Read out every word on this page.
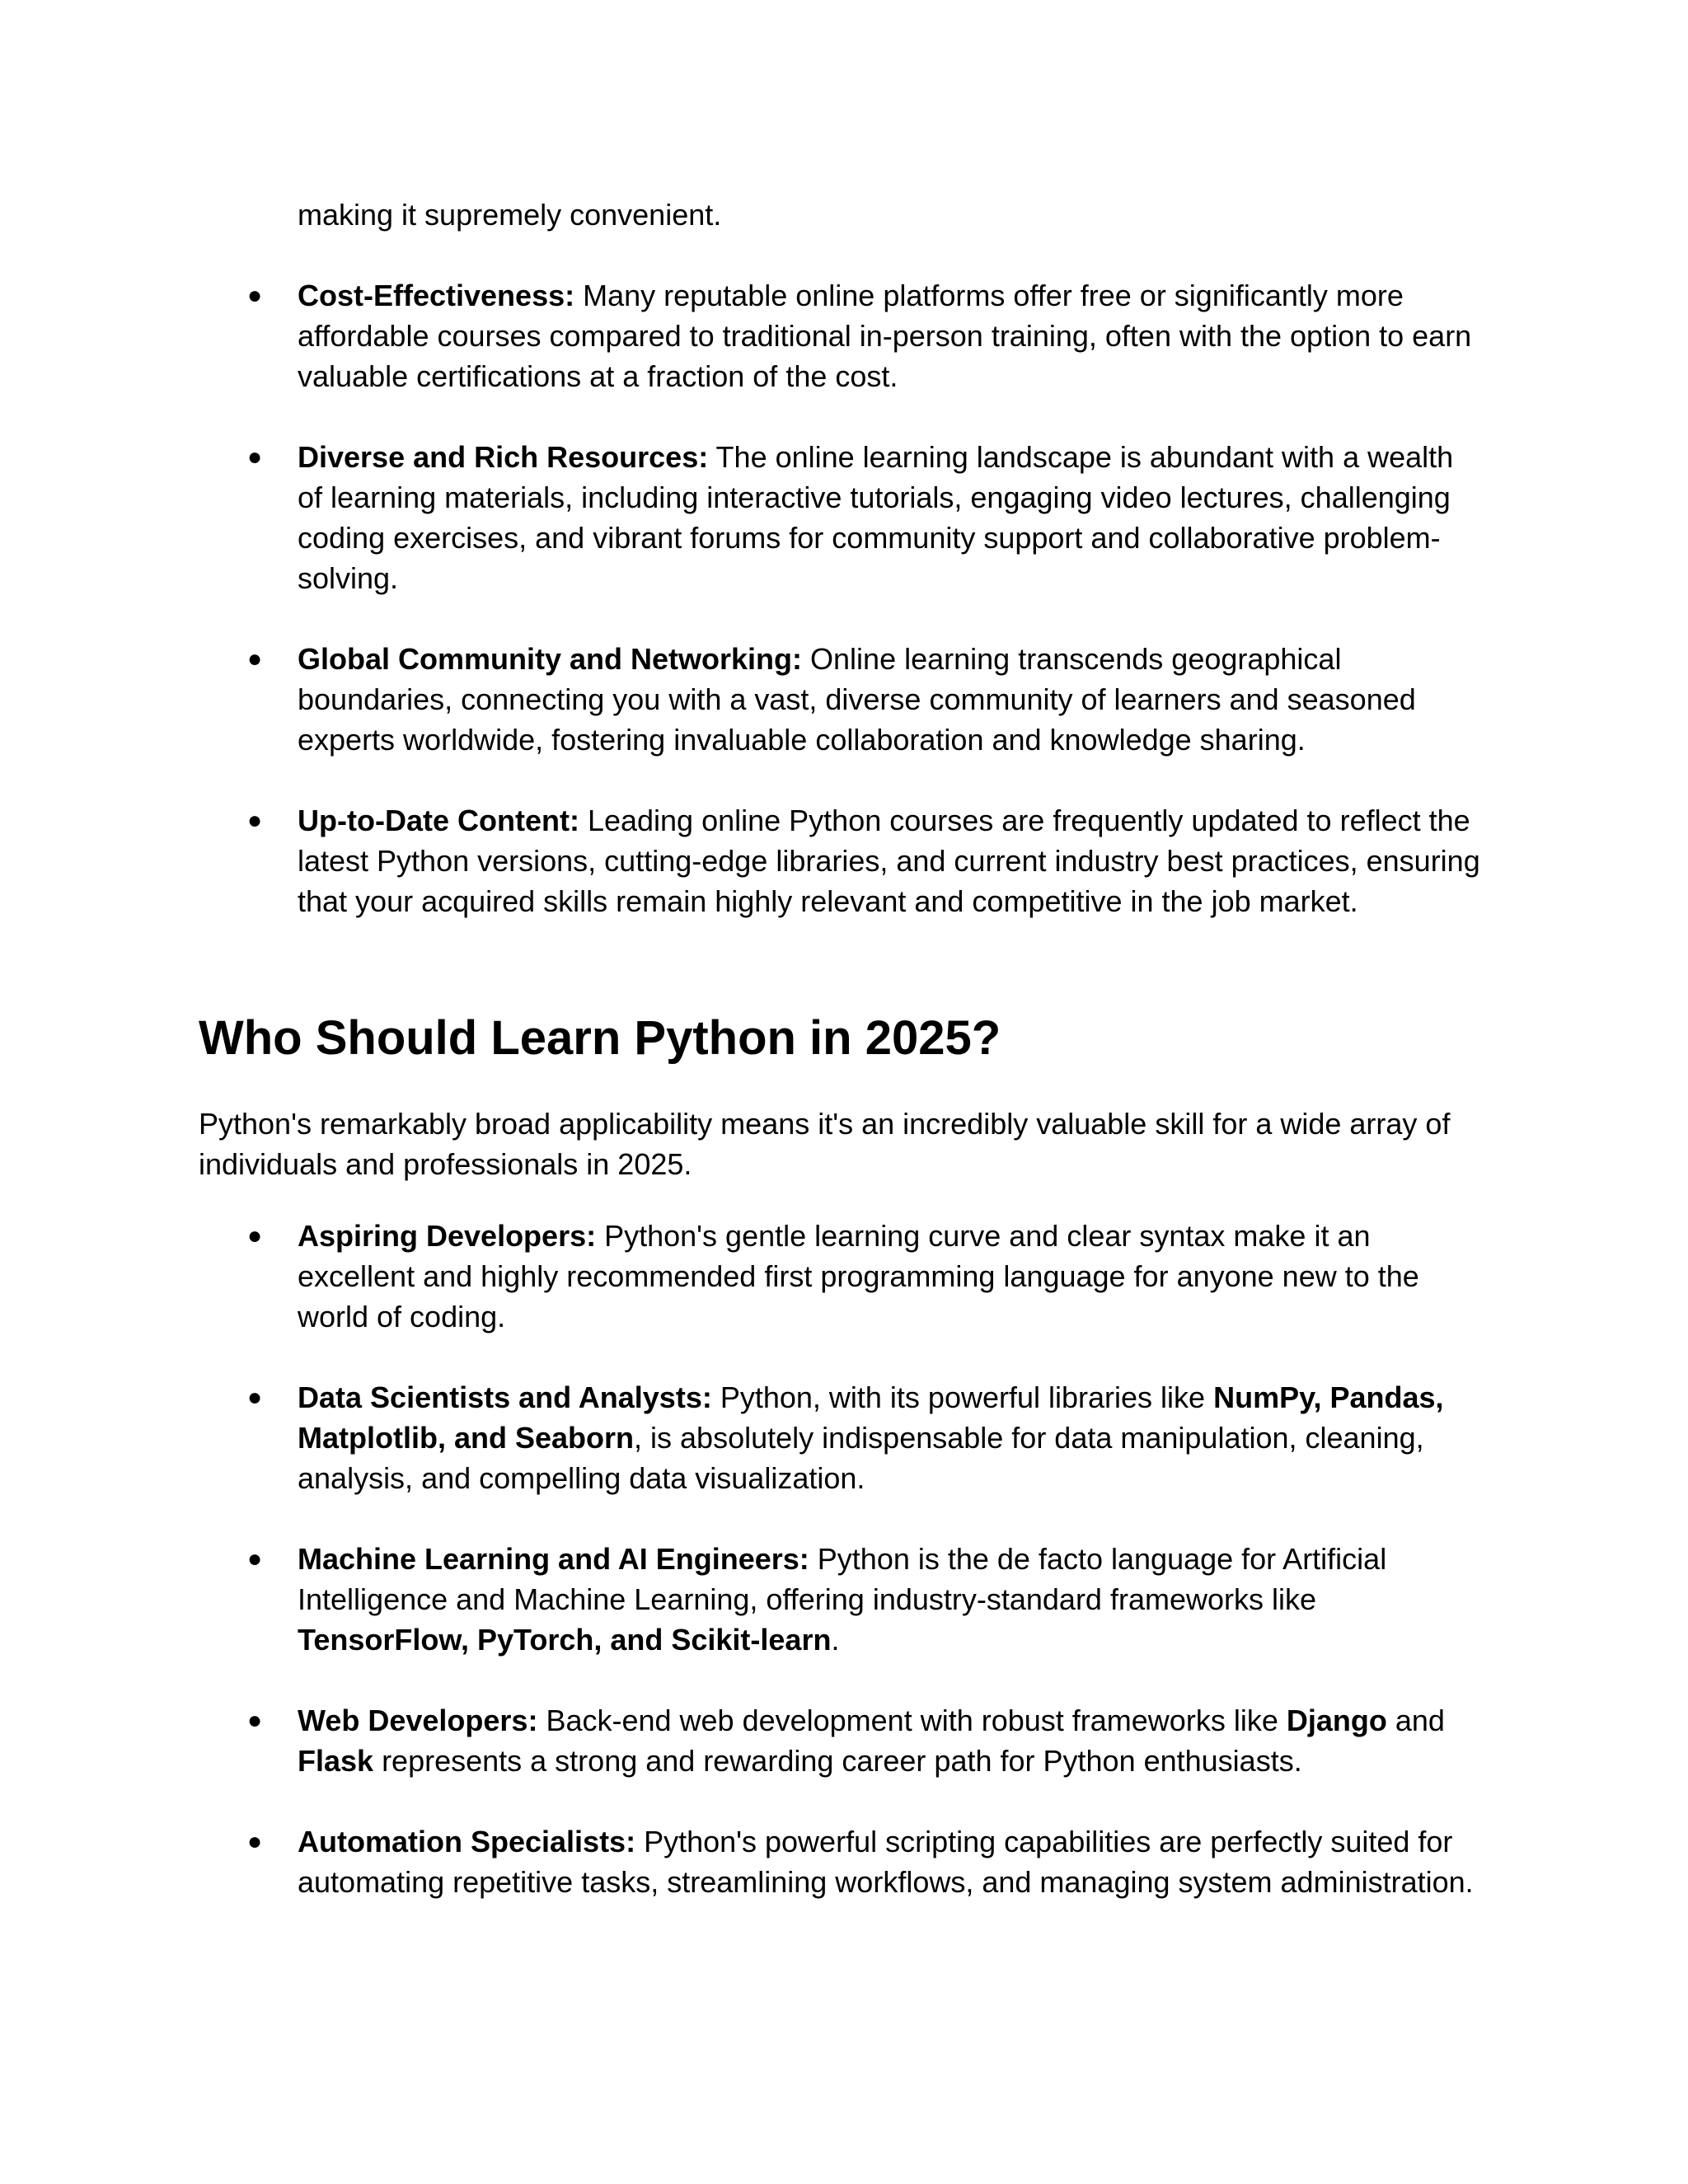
making it supremely convenient.

● Cost-Effectiveness: Many reputable online platforms offer free or significantly more affordable courses compared to traditional in-person training, often with the option to earn valuable certifications at a fraction of the cost.
● Diverse and Rich Resources: The online learning landscape is abundant with a wealth of learning materials, including interactive tutorials, engaging video lectures, challenging coding exercises, and vibrant forums for community support and collaborative problem-solving.
● Global Community and Networking: Online learning transcends geographical boundaries, connecting you with a vast, diverse community of learners and seasoned experts worldwide, fostering invaluable collaboration and knowledge sharing.
● Up-to-Date Content: Leading online Python courses are frequently updated to reflect the latest Python versions, cutting-edge libraries, and current industry best practices, ensuring that your acquired skills remain highly relevant and competitive in the job market.
Who Should Learn Python in 2025?

Python's remarkably broad applicability means it's an incredibly valuable skill for a wide array of individuals and professionals in 2025.

● Aspiring Developers: Python's gentle learning curve and clear syntax make it an excellent and highly recommended first programming language for anyone new to the world of coding.
● Data Scientists and Analysts: Python, with its powerful libraries like NumPy, Pandas, Matplotlib, and Seaborn, is absolutely indispensable for data manipulation, cleaning, analysis, and compelling data visualization.
● Machine Learning and AI Engineers: Python is the de facto language for Artificial Intelligence and Machine Learning, offering industry-standard frameworks like TensorFlow, PyTorch, and Scikit-learn.
● Web Developers: Back-end web development with robust frameworks like Django and Flask represents a strong and rewarding career path for Python enthusiasts.
● Automation Specialists: Python's powerful scripting capabilities are perfectly suited for automating repetitive tasks, streamlining workflows, and managing system administration.
